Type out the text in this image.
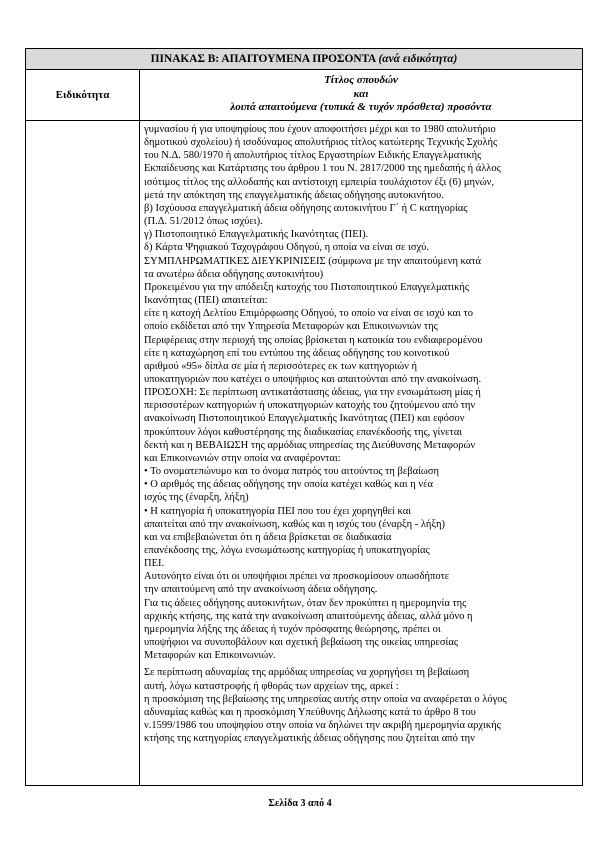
ΠΙΝΑΚΑΣ Β: ΑΠΑΙΤΟΥΜΕΝΑ ΠΡΟΣΟΝΤΑ (ανά ειδικότητα)
Ειδικότητα
Τίτλος σπουδών
και
λοιπά απαιτούμενα (τυπικά & τυχόν πρόσθετα) προσόντα

γυμνασίου ή για υποψηφίους που έχουν αποφοιτήσει μέχρι και το 1980 απολυτήριο

δημοτικού σχολείου) ή ισοδύναμος απολυτήριος τίτλος κατώτερης Τεχνικής Σχολής

του Ν.Δ. 580/1970 ή απολυτήριος τίτλος Εργαστηρίων Ειδικής Επαγγελματικής

Εκπαίδευσης και Κατάρτισης του άρθρου 1 του Ν. 2817/2000 της ημεδαπής ή άλλος

ισότιμος τίτλος της αλλοδαπής και αντίστοιχη εμπειρία τουλάχιστον έξι (6) μηνών,

μετά την απόκτηση της επαγγελματικής άδειας οδήγησης αυτοκινήτου.

β) Ισχύουσα επαγγελματική άδεια οδήγησης αυτοκινήτου Γ΄ ή C κατηγορίας

(Π.Δ. 51/2012 όπως ισχύει).

γ) Πιστοποιητικό Επαγγελματικής Ικανότητας (ΠΕΙ).

δ) Κάρτα Ψηφιακού Ταχογράφου Οδηγού, η οποία να είναι σε ισχύ.

ΣΥΜΠΛΗΡΩΜΑΤΙΚΕΣ ΔΙΕΥΚΡΙΝΙΣΕΙΣ (σύμφωνα με την απαιτούμενη κατά

τα ανωτέρω άδεια οδήγησης αυτοκινήτου)

Προκειμένου για την απόδειξη κατοχής του Πιστοποιητικού Επαγγελματικής

Ικανότητας (ΠΕΙ) απαιτείται:

είτε η κατοχή Δελτίου Επιμόρφωσης Οδηγού, το οποίο να είναι σε ισχύ και το

οποίο εκδίδεται από την Υπηρεσία Μεταφορών και Επικοινωνιών της

Περιφέρειας στην περιοχή της οποίας βρίσκεται η κατοικία του ενδιαφερομένου

είτε η καταχώρηση επί του εντύπου της άδειας οδήγησης του κοινοτικού

αριθμού «95» δίπλα σε μία ή περισσότερες εκ των κατηγοριών ή

υποκατηγοριών που κατέχει ο υποψήφιος και απαιτούνται από την ανακοίνωση.

ΠΡΟΣΟΧΗ: Σε περίπτωση αντικατάστασης άδειας, για την ενσωμάτωση μίας ή

περισσοτέρων κατηγοριών ή υποκατηγοριών κατοχής του ζητούμενου από την

ανακοίνωση Πιστοποιητικού Επαγγελματικής Ικανότητας (ΠΕΙ) και εφόσον

προκύπτουν λόγοι καθυστέρησης της διαδικασίας επανέκδοσής της, γίνεται

δεκτή και η ΒΕΒΑΙΩΣΗ της αρμόδιας υπηρεσίας της Διεύθυνσης Μεταφορών

και Επικοινωνιών στην οποία να αναφέρονται:

• Το ονοματεπώνυμο και το όνομα πατρός του αιτούντος τη βεβαίωση

• Ο αριθμός της άδειας οδήγησης την οποία κατέχει καθώς και η νέα

ισχύς της (έναρξη, λήξη)

• Η κατηγορία ή υποκατηγορία ΠΕΙ που του έχει χορηγηθεί και

απαιτείται από την ανακοίνωση, καθώς και η ισχύς του (έναρξη - λήξη)

και να επιβεβαιώνεται ότι η άδεια βρίσκεται σε διαδικασία

επανέκδοσης της, λόγω ενσωμάτωσης κατηγορίας ή υποκατηγορίας

ΠΕΙ.

Αυτονόητο είναι ότι οι υποψήφιοι πρέπει να προσκομίσουν οπωσδήποτε

την απαιτούμενη από την ανακοίνωση άδεια οδήγησης.

Για τις άδειες οδήγησης αυτοκινήτων, όταν δεν προκύπτει η ημερομηνία της

αρχικής κτήσης, της κατά την ανακοίνωση απαιτούμενης άδειας, αλλά μόνο η

ημερομηνία λήξης της άδειας ή τυχόν πρόσφατης θεώρησης, πρέπει οι

υποψήφιοι να συνυποβάλουν και σχετική βεβαίωση της οικείας υπηρεσίας

Μεταφορών και Επικοινωνιών.

Σε περίπτωση αδυναμίας της αρμόδιας υπηρεσίας να χορηγήσει τη βεβαίωση

αυτή, λόγω καταστροφής ή φθοράς των αρχείων της, αρκεί :

η προσκόμιση της βεβαίωσης της υπηρεσίας αυτής στην οποία να αναφέρεται ο λόγος

αδυναμίας καθώς και η προσκόμιση Υπεύθυνης Δήλωσης κατά το άρθρο 8 του

ν.1599/1986 του υποψηφίου στην οποία να δηλώνει την ακριβή ημερομηνία αρχικής

κτήσης της κατηγορίας επαγγελματικής άδειας οδήγησης που ζητείται από την

Σελίδα 3 από 4
